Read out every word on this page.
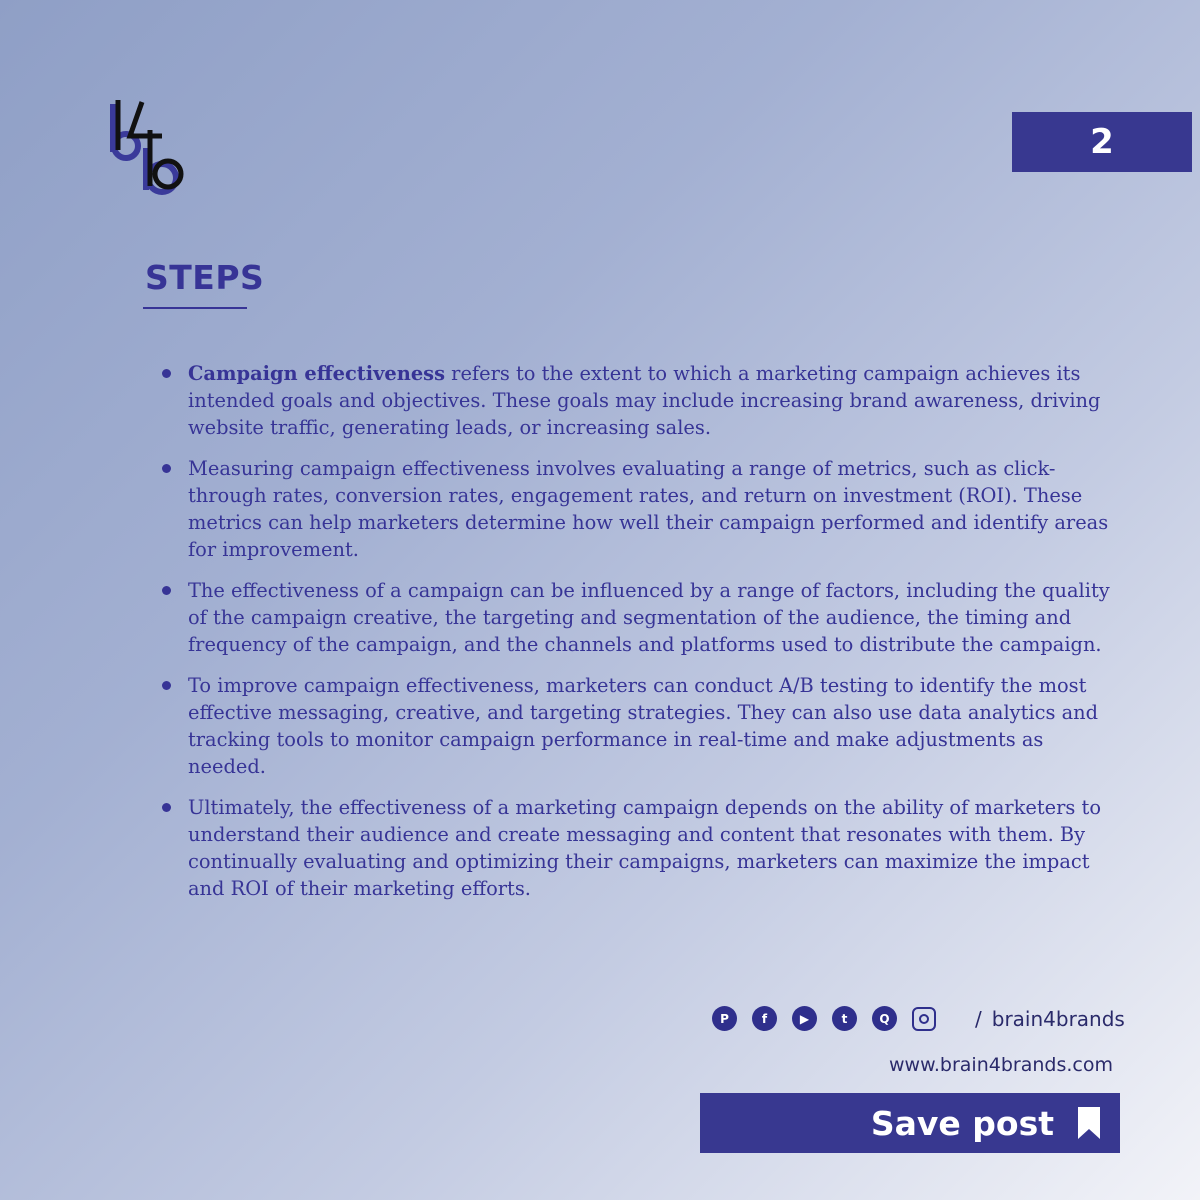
2
STEPS
Campaign effectiveness refers to the extent to which a marketing campaign achieves its intended goals and objectives. These goals may include increasing brand awareness, driving website traffic, generating leads, or increasing sales.
Measuring campaign effectiveness involves evaluating a range of metrics, such as click-through rates, conversion rates, engagement rates, and return on investment (ROI). These metrics can help marketers determine how well their campaign performed and identify areas for improvement.
The effectiveness of a campaign can be influenced by a range of factors, including the quality of the campaign creative, the targeting and segmentation of the audience, the timing and frequency of the campaign, and the channels and platforms used to distribute the campaign.
To improve campaign effectiveness, marketers can conduct A/B testing to identify the most effective messaging, creative, and targeting strategies. They can also use data analytics and tracking tools to monitor campaign performance in real-time and make adjustments as needed.
Ultimately, the effectiveness of a marketing campaign depends on the ability of marketers to understand their audience and create messaging and content that resonates with them. By continually evaluating and optimizing their campaigns, marketers can maximize the impact and ROI of their marketing efforts.
P	f	▶	t	Q	/ brain4brands
www.brain4brands.com
Save post
